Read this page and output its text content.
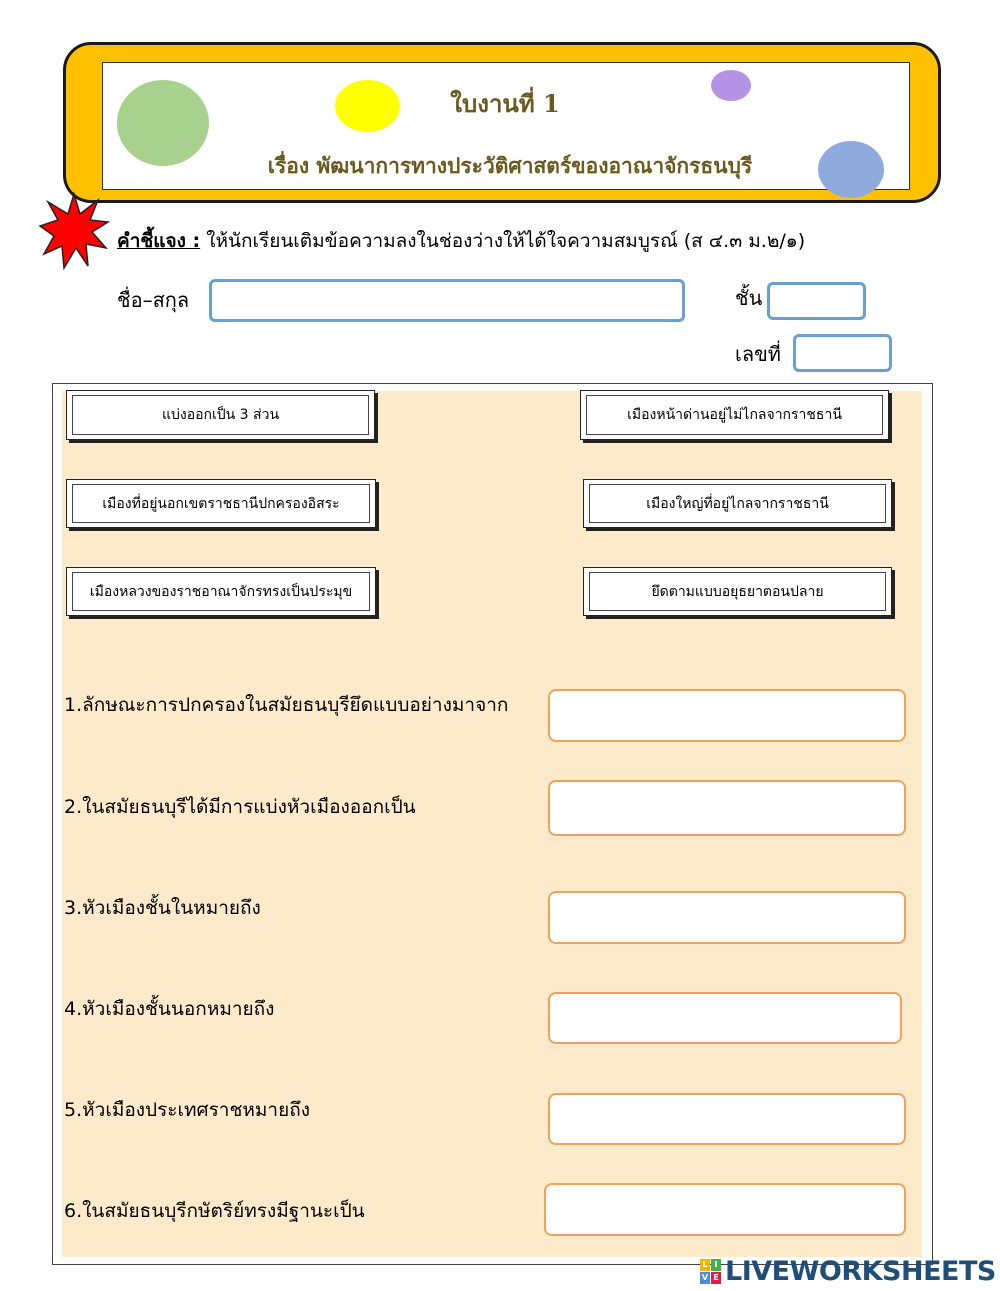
ใบงานที่ 1
เรื่อง พัฒนาการทางประวัติศาสตร์ของอาณาจักรธนบุรี
คำชี้แจง : ให้นักเรียนเติมข้อความลงในช่องว่างให้ได้ใจความสมบูรณ์ (ส ๔.๓ ม.๒/๑)
ชื่อ–สกุล	ชั้น
เลขที่
แบ่งออกเป็น 3 ส่วน	เมืองหน้าด่านอยู่ไม่ไกลจากราชธานี
เมืองที่อยู่นอกเขตราชธานีปกครองอิสระ	เมืองใหญ่ที่อยู่ไกลจากราชธานี
เมืองหลวงของราชอาณาจักรทรงเป็นประมุข	ยึดตามแบบอยุธยาตอนปลาย
1.ลักษณะการปกครองในสมัยธนบุรียึดแบบอย่างมาจาก
2.ในสมัยธนบุรีได้มีการแบ่งหัวเมืองออกเป็น
3.หัวเมืองชั้นในหมายถึง
4.หัวเมืองชั้นนอกหมายถึง
5.หัวเมืองประเทศราชหมายถึง
6.ในสมัยธนบุรีกษัตริย์ทรงมีฐานะเป็น
L I
V E LIVEWORKSHEETS
